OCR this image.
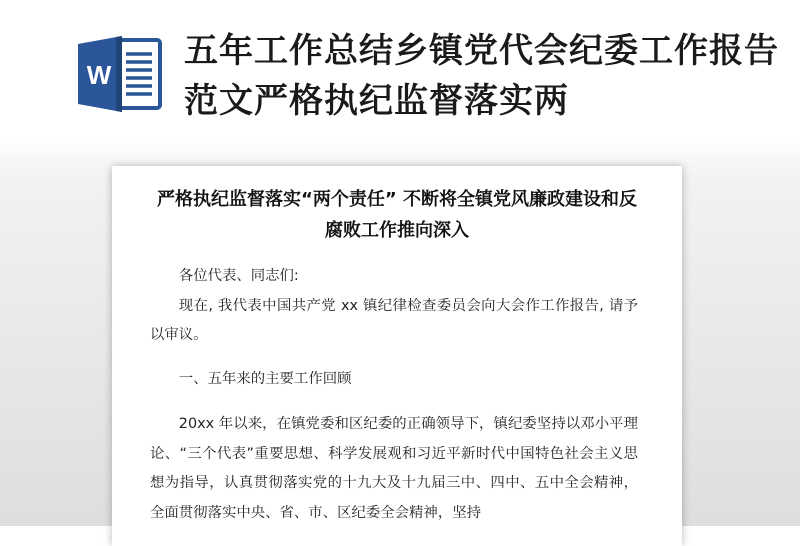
W
五年工作总结乡镇党代会纪委工作报告范文严格执纪监督落实两
严格执纪监督落实“两个责任” 不断将全镇党风廉政建设和反腐败工作推向深入

各位代表、同志们:

现在, 我代表中国共产党 xx 镇纪律检查委员会向大会作工作报告, 请予以审议。

一、五年来的主要工作回顾

20xx 年以来，在镇党委和区纪委的正确领导下，镇纪委坚持以邓小平理论、“三个代表”重要思想、科学发展观和习近平新时代中国特色社会主义思想为指导，认真贯彻落实党的十九大及十九届三中、四中、五中全会精神，全面贯彻落实中央、省、市、区纪委全会精神，坚持
